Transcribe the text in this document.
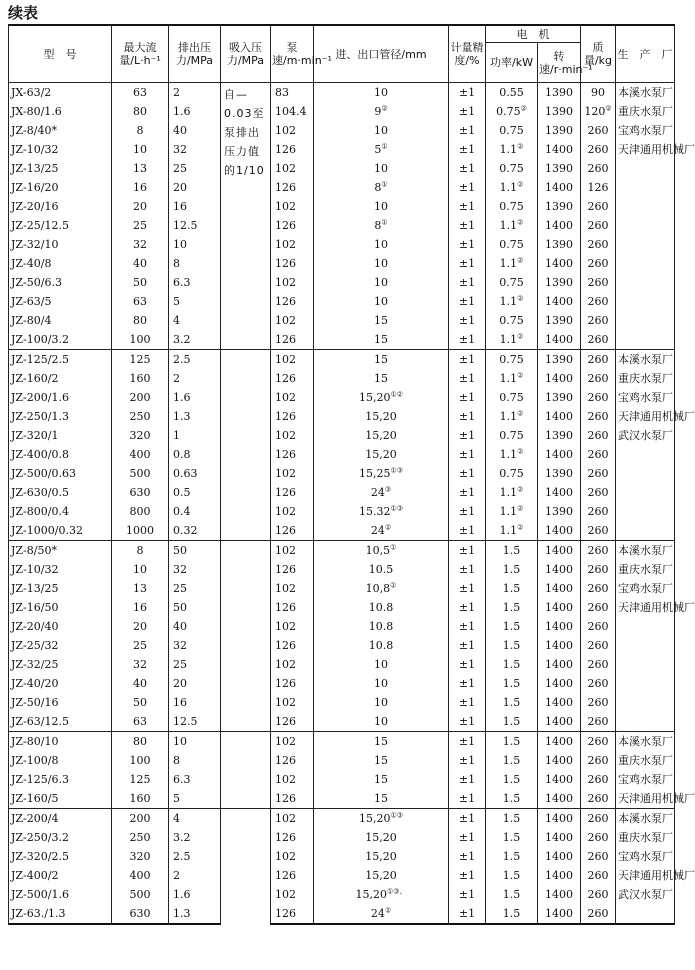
续表
型　号	最大流量/L·h⁻¹	排出压力/MPa	吸入压力/MPa	泵速/m·min⁻¹	进、出口管径/mm	计量精度/%	电　机		质量/kg	生　产　厂
							功率/kW	转速/r·min⁻¹		
JX-63/2	63	2	自—0.03至泵排出压力值的1/10	83	10	±1	0.55	1390	90	本溪水泵厂
JX-80/1.6	80	1.6		104.4	9②	±1	0.75②	1390	120②	重庆水泵厂
JZ-8/40*	8	40		102	10	±1	0.75	1390	260	宝鸡水泵厂
JZ-10/32	10	32		126	5①	±1	1.1②	1400	260	天津通用机械厂
JZ-13/25	13	25		102	10	±1	0.75	1390	260	
JZ-16/20	16	20		126	8①	±1	1.1②	1400	126	
JZ-20/16	20	16		102	10	±1	0.75	1390	260	
JZ-25/12.5	25	12.5		126	8①	±1	1.1②	1400	260	
JZ-32/10	32	10		102	10	±1	0.75	1390	260	
JZ-40/8	40	8		126	10	±1	1.1②	1400	260	
JZ-50/6.3	50	6.3		102	10	±1	0.75	1390	260	
JZ-63/5	63	5		126	10	±1	1.1②	1400	260	
JZ-80/4	80	4		102	15	±1	0.75	1390	260	
JZ-100/3.2	100	3.2		126	15	±1	1.1②	1400	260	
JZ-125/2.5	125	2.5		102	15	±1	0.75	1390	260	本溪水泵厂
JZ-160/2	160	2		126	15	±1	1.1②	1400	260	重庆水泵厂
JZ-200/1.6	200	1.6		102	15,20①②	±1	0.75	1390	260	宝鸡水泵厂
JZ-250/1.3	250	1.3		126	15,20	±1	1.1②	1400	260	天津通用机械厂
JZ-320/1	320	1		102	15,20	±1	0.75	1390	260	武汉水泵厂
JZ-400/0.8	400	0.8		126	15,20	±1	1.1②	1400	260	
JZ-500/0.63	500	0.63		102	15,25①③	±1	0.75	1390	260	
JZ-630/0.5	630	0.5		126	24③	±1	1.1②	1400	260	
JZ-800/0.4	800	0.4		102	15.32①③	±1	1.1②	1390	260	
JZ-1000/0.32	1000	0.32		126	24②	±1	1.1②	1400	260	
JZ-8/50*	8	50		102	10,5①	±1	1.5	1400	260	本溪水泵厂
JZ-10/32	10	32		126	10.5	±1	1.5	1400	260	重庆水泵厂
JZ-13/25	13	25		102	10,8①	±1	1.5	1400	260	宝鸡水泵厂
JZ-16/50	16	50		126	10.8	±1	1.5	1400	260	天津通用机械厂
JZ-20/40	20	40		102	10.8	±1	1.5	1400	260	
JZ-25/32	25	32		126	10.8	±1	1.5	1400	260	
JZ-32/25	32	25		102	10	±1	1.5	1400	260	
JZ-40/20	40	20		126	10	±1	1.5	1400	260	
JZ-50/16	50	16		102	10	±1	1.5	1400	260	
JZ-63/12.5	63	12.5		126	10	±1	1.5	1400	260	
JZ-80/10	80	10		102	15	±1	1.5	1400	260	本溪水泵厂
JZ-100/8	100	8		126	15	±1	1.5	1400	260	重庆水泵厂
JZ-125/6.3	125	6.3		102	15	±1	1.5	1400	260	宝鸡水泵厂
JZ-160/5	160	5		126	15	±1	1.5	1400	260	天津通用机械厂
JZ-200/4	200	4		102	15,20①③	±1	1.5	1400	260	本溪水泵厂
JZ-250/3.2	250	3.2		126	15,20	±1	1.5	1400	260	重庆水泵厂
JZ-320/2.5	320	2.5		102	15,20	±1	1.5	1400	260	宝鸡水泵厂
JZ-400/2	400	2		126	15,20	±1	1.5	1400	260	天津通用机械厂
JZ-500/1.6	500	1.6		102	15,20①③、	±1	1.5	1400	260	武汉水泵厂
JZ-63./1.3	630	1.3		126	24②	±1	1.5	1400	260	
